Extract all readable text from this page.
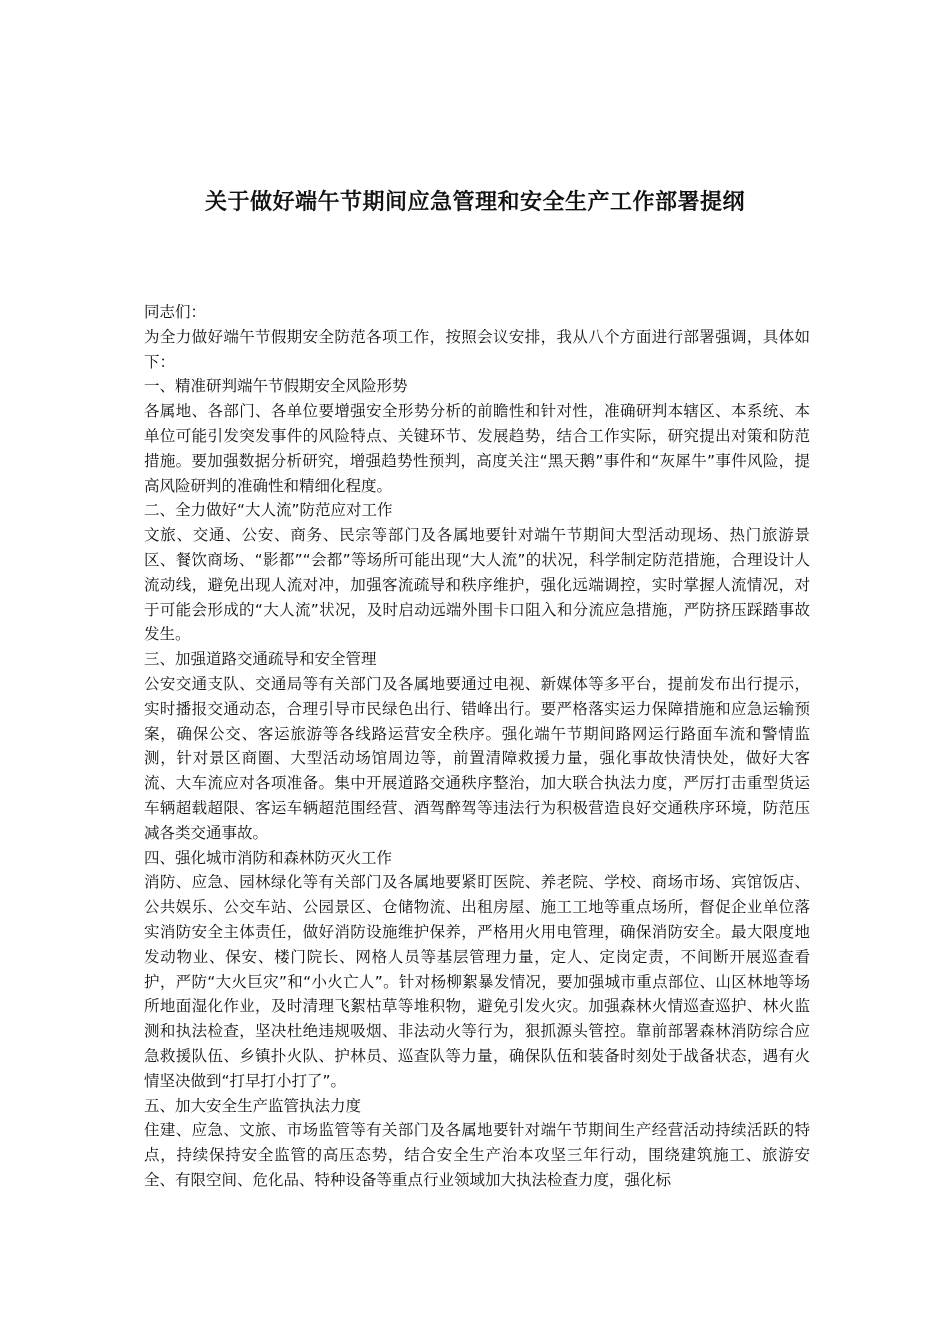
关于做好端午节期间应急管理和安全生产工作部署提纲

同志们：

为全力做好端午节假期安全防范各项工作，按照会议安排，我从八个方面进行部署强调，具体如下：

一、精准研判端午节假期安全风险形势

各属地、各部门、各单位要增强安全形势分析的前瞻性和针对性，准确研判本辖区、本系统、本单位可能引发突发事件的风险特点、关键环节、发展趋势，结合工作实际，研究提出对策和防范措施。要加强数据分析研究，增强趋势性预判，高度关注“黑天鹅”事件和“灰犀牛”事件风险，提高风险研判的准确性和精细化程度。

二、全力做好“大人流”防范应对工作

文旅、交通、公安、商务、民宗等部门及各属地要针对端午节期间大型活动现场、热门旅游景区、餐饮商场、“影都”“会都”等场所可能出现“大人流”的状况，科学制定防范措施，合理设计人流动线，避免出现人流对冲，加强客流疏导和秩序维护，强化远端调控，实时掌握人流情况，对于可能会形成的“大人流”状况，及时启动远端外围卡口阻入和分流应急措施，严防挤压踩踏事故发生。

三、加强道路交通疏导和安全管理

公安交通支队、交通局等有关部门及各属地要通过电视、新媒体等多平台，提前发布出行提示，实时播报交通动态，合理引导市民绿色出行、错峰出行。要严格落实运力保障措施和应急运输预案，确保公交、客运旅游等各线路运营安全秩序。强化端午节期间路网运行路面车流和警情监测，针对景区商圈、大型活动场馆周边等，前置清障救援力量，强化事故快清快处，做好大客流、大车流应对各项准备。集中开展道路交通秩序整治，加大联合执法力度，严厉打击重型货运车辆超载超限、客运车辆超范围经营、酒驾醉驾等违法行为积极营造良好交通秩序环境，防范压减各类交通事故。

四、强化城市消防和森林防灭火工作

消防、应急、园林绿化等有关部门及各属地要紧盯医院、养老院、学校、商场市场、宾馆饭店、公共娱乐、公交车站、公园景区、仓储物流、出租房屋、施工工地等重点场所，督促企业单位落实消防安全主体责任，做好消防设施维护保养，严格用火用电管理，确保消防安全。最大限度地发动物业、保安、楼门院长、网格人员等基层管理力量，定人、定岗定责，不间断开展巡查看护，严防“大火巨灾”和“小火亡人”。针对杨柳絮暴发情况，要加强城市重点部位、山区林地等场所地面湿化作业，及时清理飞絮枯草等堆积物，避免引发火灾。加强森林火情巡查巡护、林火监测和执法检查，坚决杜绝违规吸烟、非法动火等行为，狠抓源头管控。靠前部署森林消防综合应急救援队伍、乡镇扑火队、护林员、巡查队等力量，确保队伍和装备时刻处于战备状态，遇有火情坚决做到“打早打小打了”。

五、加大安全生产监管执法力度

住建、应急、文旅、市场监管等有关部门及各属地要针对端午节期间生产经营活动持续活跃的特点，持续保持安全监管的高压态势，结合安全生产治本攻坚三年行动，围绕建筑施工、旅游安全、有限空间、危化品、特种设备等重点行业领域加大执法检查力度，强化标
